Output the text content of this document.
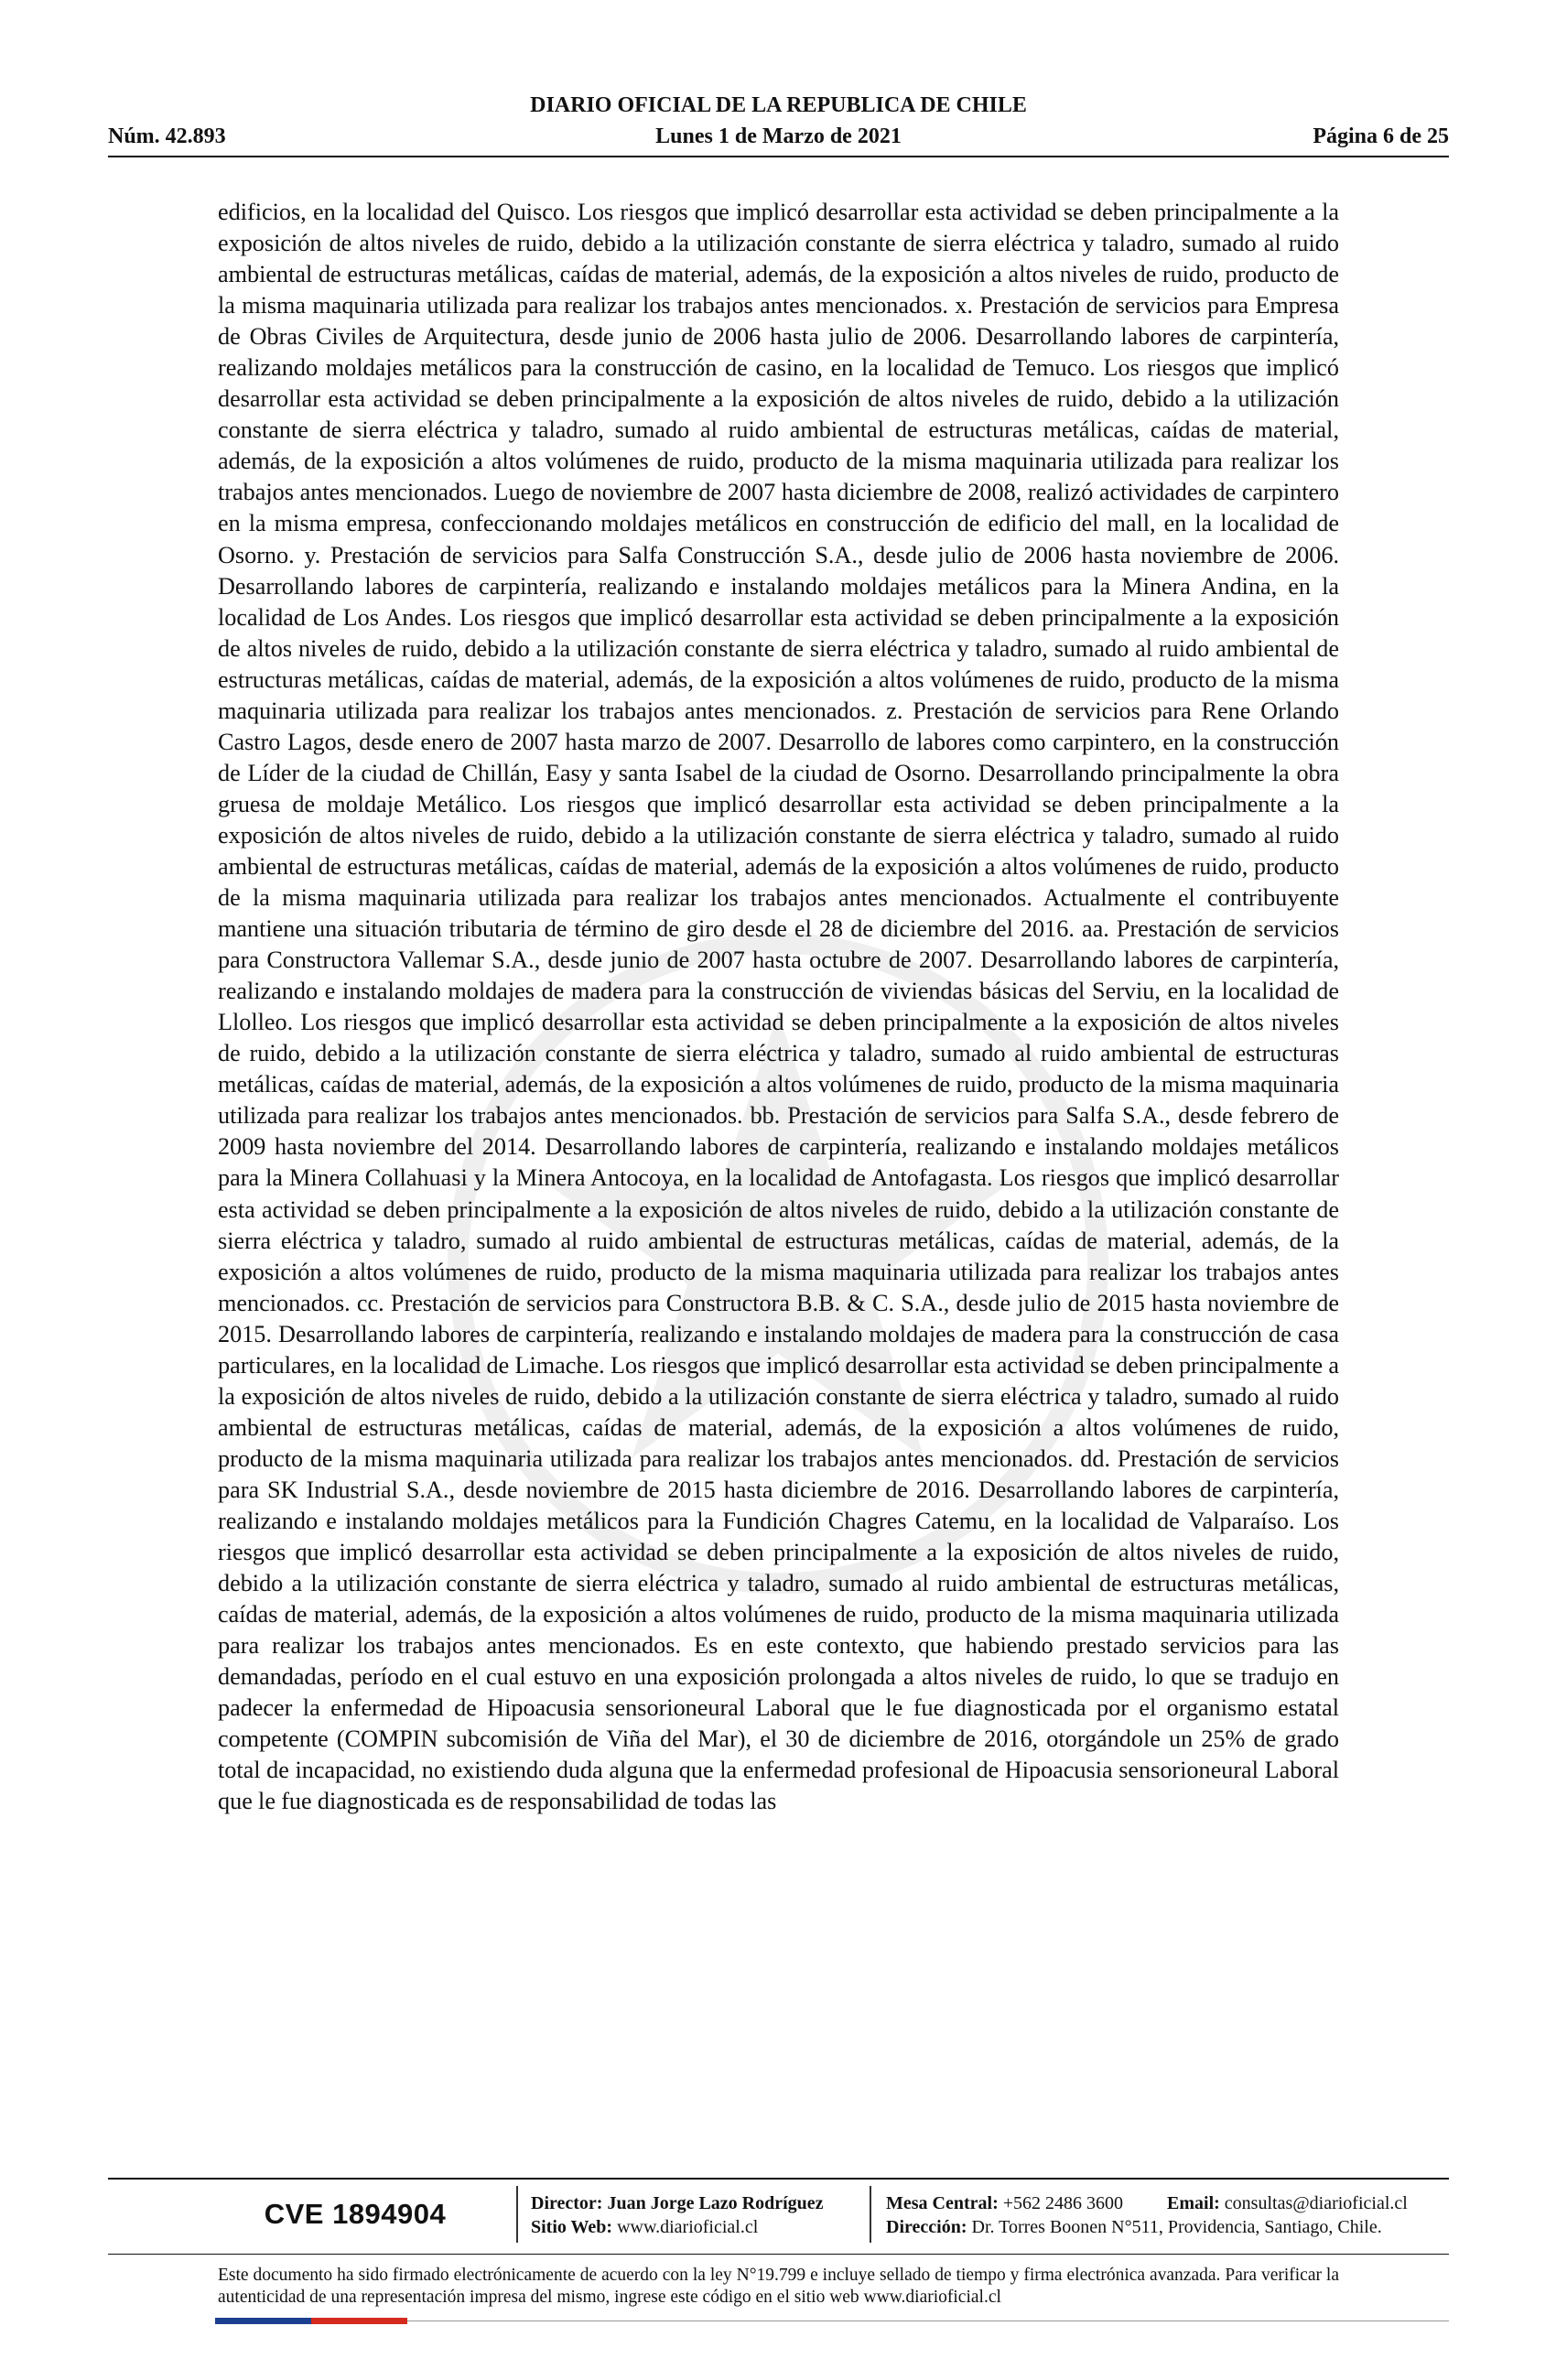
DIARIO OFICIAL DE LA REPUBLICA DE CHILE
Núm. 42.893	Lunes 1 de Marzo de 2021	Página 6 de 25
edificios, en la localidad del Quisco. Los riesgos que implicó desarrollar esta actividad se deben principalmente a la exposición de altos niveles de ruido, debido a la utilización constante de sierra eléctrica y taladro, sumado al ruido ambiental de estructuras metálicas, caídas de material, además, de la exposición a altos niveles de ruido, producto de la misma maquinaria utilizada para realizar los trabajos antes mencionados. x. Prestación de servicios para Empresa de Obras Civiles de Arquitectura, desde junio de 2006 hasta julio de 2006. Desarrollando labores de carpintería, realizando moldajes metálicos para la construcción de casino, en la localidad de Temuco. Los riesgos que implicó desarrollar esta actividad se deben principalmente a la exposición de altos niveles de ruido, debido a la utilización constante de sierra eléctrica y taladro, sumado al ruido ambiental de estructuras metálicas, caídas de material, además, de la exposición a altos volúmenes de ruido, producto de la misma maquinaria utilizada para realizar los trabajos antes mencionados. Luego de noviembre de 2007 hasta diciembre de 2008, realizó actividades de carpintero en la misma empresa, confeccionando moldajes metálicos en construcción de edificio del mall, en la localidad de Osorno. y. Prestación de servicios para Salfa Construcción S.A., desde julio de 2006 hasta noviembre de 2006. Desarrollando labores de carpintería, realizando e instalando moldajes metálicos para la Minera Andina, en la localidad de Los Andes. Los riesgos que implicó desarrollar esta actividad se deben principalmente a la exposición de altos niveles de ruido, debido a la utilización constante de sierra eléctrica y taladro, sumado al ruido ambiental de estructuras metálicas, caídas de material, además, de la exposición a altos volúmenes de ruido, producto de la misma maquinaria utilizada para realizar los trabajos antes mencionados. z. Prestación de servicios para Rene Orlando Castro Lagos, desde enero de 2007 hasta marzo de 2007. Desarrollo de labores como carpintero, en la construcción de Líder de la ciudad de Chillán, Easy y santa Isabel de la ciudad de Osorno. Desarrollando principalmente la obra gruesa de moldaje Metálico. Los riesgos que implicó desarrollar esta actividad se deben principalmente a la exposición de altos niveles de ruido, debido a la utilización constante de sierra eléctrica y taladro, sumado al ruido ambiental de estructuras metálicas, caídas de material, además de la exposición a altos volúmenes de ruido, producto de la misma maquinaria utilizada para realizar los trabajos antes mencionados. Actualmente el contribuyente mantiene una situación tributaria de término de giro desde el 28 de diciembre del 2016. aa. Prestación de servicios para Constructora Vallemar S.A., desde junio de 2007 hasta octubre de 2007. Desarrollando labores de carpintería, realizando e instalando moldajes de madera para la construcción de viviendas básicas del Serviu, en la localidad de Llolleo. Los riesgos que implicó desarrollar esta actividad se deben principalmente a la exposición de altos niveles de ruido, debido a la utilización constante de sierra eléctrica y taladro, sumado al ruido ambiental de estructuras metálicas, caídas de material, además, de la exposición a altos volúmenes de ruido, producto de la misma maquinaria utilizada para realizar los trabajos antes mencionados. bb. Prestación de servicios para Salfa S.A., desde febrero de 2009 hasta noviembre del 2014. Desarrollando labores de carpintería, realizando e instalando moldajes metálicos para la Minera Collahuasi y la Minera Antocoya, en la localidad de Antofagasta. Los riesgos que implicó desarrollar esta actividad se deben principalmente a la exposición de altos niveles de ruido, debido a la utilización constante de sierra eléctrica y taladro, sumado al ruido ambiental de estructuras metálicas, caídas de material, además, de la exposición a altos volúmenes de ruido, producto de la misma maquinaria utilizada para realizar los trabajos antes mencionados. cc. Prestación de servicios para Constructora B.B. & C. S.A., desde julio de 2015 hasta noviembre de 2015. Desarrollando labores de carpintería, realizando e instalando moldajes de madera para la construcción de casa particulares, en la localidad de Limache. Los riesgos que implicó desarrollar esta actividad se deben principalmente a la exposición de altos niveles de ruido, debido a la utilización constante de sierra eléctrica y taladro, sumado al ruido ambiental de estructuras metálicas, caídas de material, además, de la exposición a altos volúmenes de ruido, producto de la misma maquinaria utilizada para realizar los trabajos antes mencionados. dd. Prestación de servicios para SK Industrial S.A., desde noviembre de 2015 hasta diciembre de 2016. Desarrollando labores de carpintería, realizando e instalando moldajes metálicos para la Fundición Chagres Catemu, en la localidad de Valparaíso. Los riesgos que implicó desarrollar esta actividad se deben principalmente a la exposición de altos niveles de ruido, debido a la utilización constante de sierra eléctrica y taladro, sumado al ruido ambiental de estructuras metálicas, caídas de material, además, de la exposición a altos volúmenes de ruido, producto de la misma maquinaria utilizada para realizar los trabajos antes mencionados. Es en este contexto, que habiendo prestado servicios para las demandadas, período en el cual estuvo en una exposición prolongada a altos niveles de ruido, lo que se tradujo en padecer la enfermedad de Hipoacusia sensorioneural Laboral que le fue diagnosticada por el organismo estatal competente (COMPIN subcomisión de Viña del Mar), el 30 de diciembre de 2016, otorgándole un 25% de grado total de incapacidad, no existiendo duda alguna que la enfermedad profesional de Hipoacusia sensorioneural Laboral que le fue diagnosticada es de responsabilidad de todas las
CVE 1894904	Director: Juan Jorge Lazo Rodríguez
Sitio Web: www.diarioficial.cl
Mesa Central: +562 2486 3600 Email: consultas@diarioficial.cl
Dirección: Dr. Torres Boonen N°511, Providencia, Santiago, Chile.
Este documento ha sido firmado electrónicamente de acuerdo con la ley N°19.799 e incluye sellado de tiempo y firma electrónica avanzada. Para verificar la autenticidad de una representación impresa del mismo, ingrese este código en el sitio web www.diarioficial.cl
